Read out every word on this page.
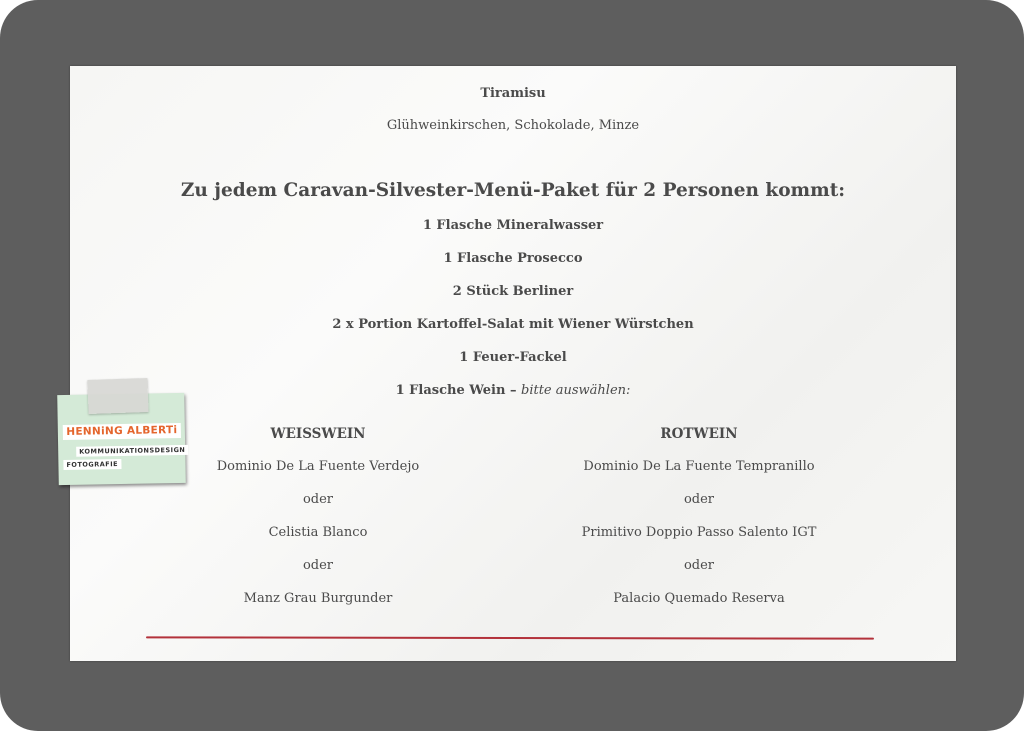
Tiramisu
Glühweinkirschen, Schokolade, Minze
Zu jedem Caravan-Silvester-Menü-Paket für 2 Personen kommt:
1 Flasche Mineralwasser
1 Flasche Prosecco
2 Stück Berliner
2 x Portion Kartoffel-Salat mit Wiener Würstchen
1 Feuer-Fackel
1 Flasche Wein – bitte auswählen:
WEISSWEIN
Dominio De La Fuente Verdejo
oder
Celistia Blanco
oder
Manz Grau Burgunder
ROTWEIN
Dominio De La Fuente Tempranillo
oder
Primitivo Doppio Passo Salento IGT
oder
Palacio Quemado Reserva
HENNiNG ALBERTi
KOMMUNIKATIONSDESIGN
FOTOGRAFIE
